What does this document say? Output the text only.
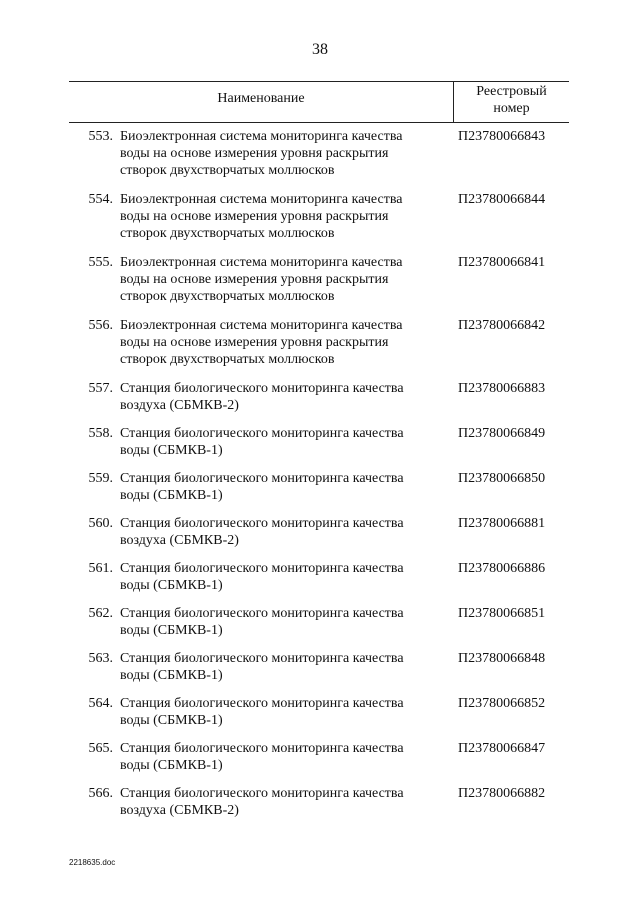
38
Наименование	Реестровый
номер
553. Биоэлектронная система мониторинга качества
воды на основе измерения уровня раскрытия
створок двухстворчатых моллюсков
П23780066843
554. Биоэлектронная система мониторинга качества
воды на основе измерения уровня раскрытия
створок двухстворчатых моллюсков
П23780066844
555. Биоэлектронная система мониторинга качества
воды на основе измерения уровня раскрытия
створок двухстворчатых моллюсков
П23780066841
556. Биоэлектронная система мониторинга качества
воды на основе измерения уровня раскрытия
створок двухстворчатых моллюсков
П23780066842
557. Станция биологического мониторинга качества
воздуха (СБМКВ-2)
П23780066883
558. Станция биологического мониторинга качества
воды (СБМКВ-1)
П23780066849
559. Станция биологического мониторинга качества
воды (СБМКВ-1)
П23780066850
560. Станция биологического мониторинга качества
воздуха (СБМКВ-2)
П23780066881
561. Станция биологического мониторинга качества
воды (СБМКВ-1)
П23780066886
562. Станция биологического мониторинга качества
воды (СБМКВ-1)
П23780066851
563. Станция биологического мониторинга качества
воды (СБМКВ-1)
П23780066848
564. Станция биологического мониторинга качества
воды (СБМКВ-1)
П23780066852
565. Станция биологического мониторинга качества
воды (СБМКВ-1)
П23780066847
566. Станция биологического мониторинга качества
воздуха (СБМКВ-2)
П23780066882
2218635.doc
